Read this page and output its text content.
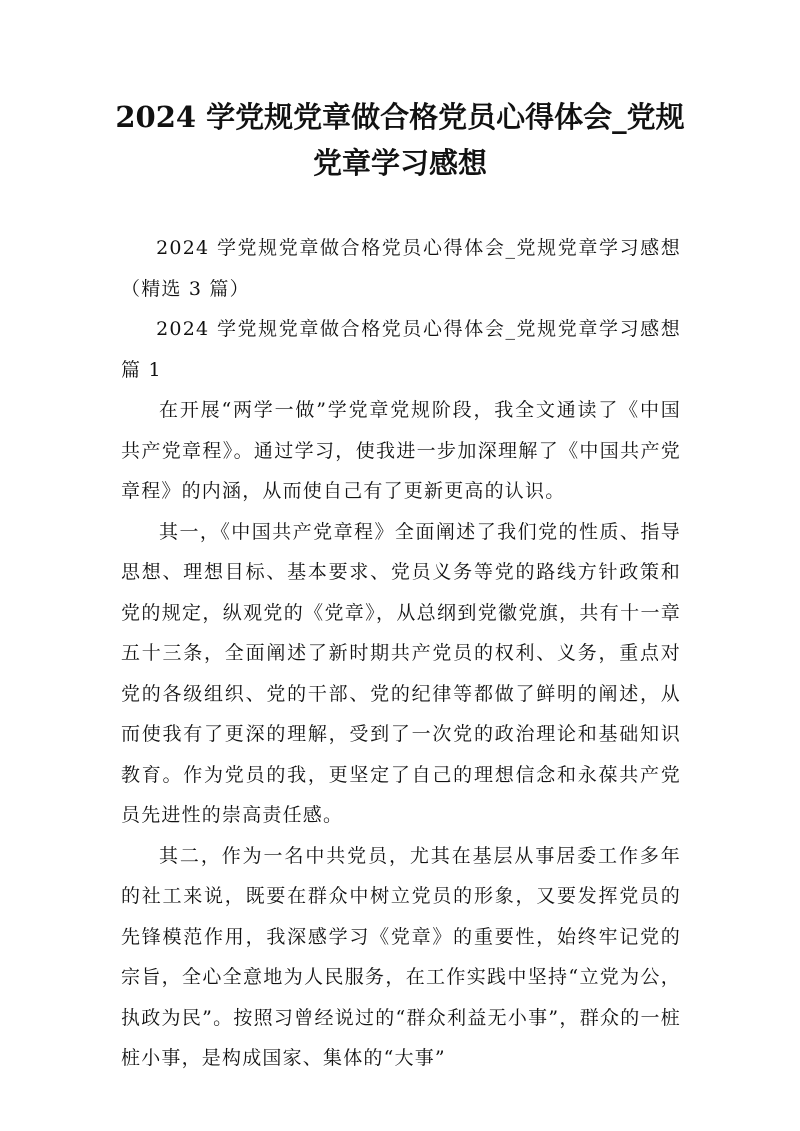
2024 学党规党章做合格党员心得体会_党规党章学习感想

2024 学党规党章做合格党员心得体会_党规党章学习感想（精选 3 篇）

2024 学党规党章做合格党员心得体会_党规党章学习感想 篇 1

在开展“两学一做”学党章党规阶段，我全文通读了《中国共产党章程》。通过学习，使我进一步加深理解了《中国共产党章程》的内涵，从而使自己有了更新更高的认识。

其一，《中国共产党章程》全面阐述了我们党的性质、指导思想、理想目标、基本要求、党员义务等党的路线方针政策和党的规定，纵观党的《党章》，从总纲到党徽党旗，共有十一章五十三条，全面阐述了新时期共产党员的权利、义务，重点对党的各级组织、党的干部、党的纪律等都做了鲜明的阐述，从而使我有了更深的理解，受到了一次党的政治理论和基础知识教育。作为党员的我，更坚定了自己的理想信念和永葆共产党员先进性的崇高责任感。

其二，作为一名中共党员，尤其在基层从事居委工作多年的社工来说，既要在群众中树立党员的形象，又要发挥党员的先锋模范作用，我深感学习《党章》的重要性，始终牢记党的宗旨，全心全意地为人民服务，在工作实践中坚持“立党为公，执政为民”。按照习曾经说过的“群众利益无小事”，群众的一桩桩小事，是构成国家、集体的“大事”
